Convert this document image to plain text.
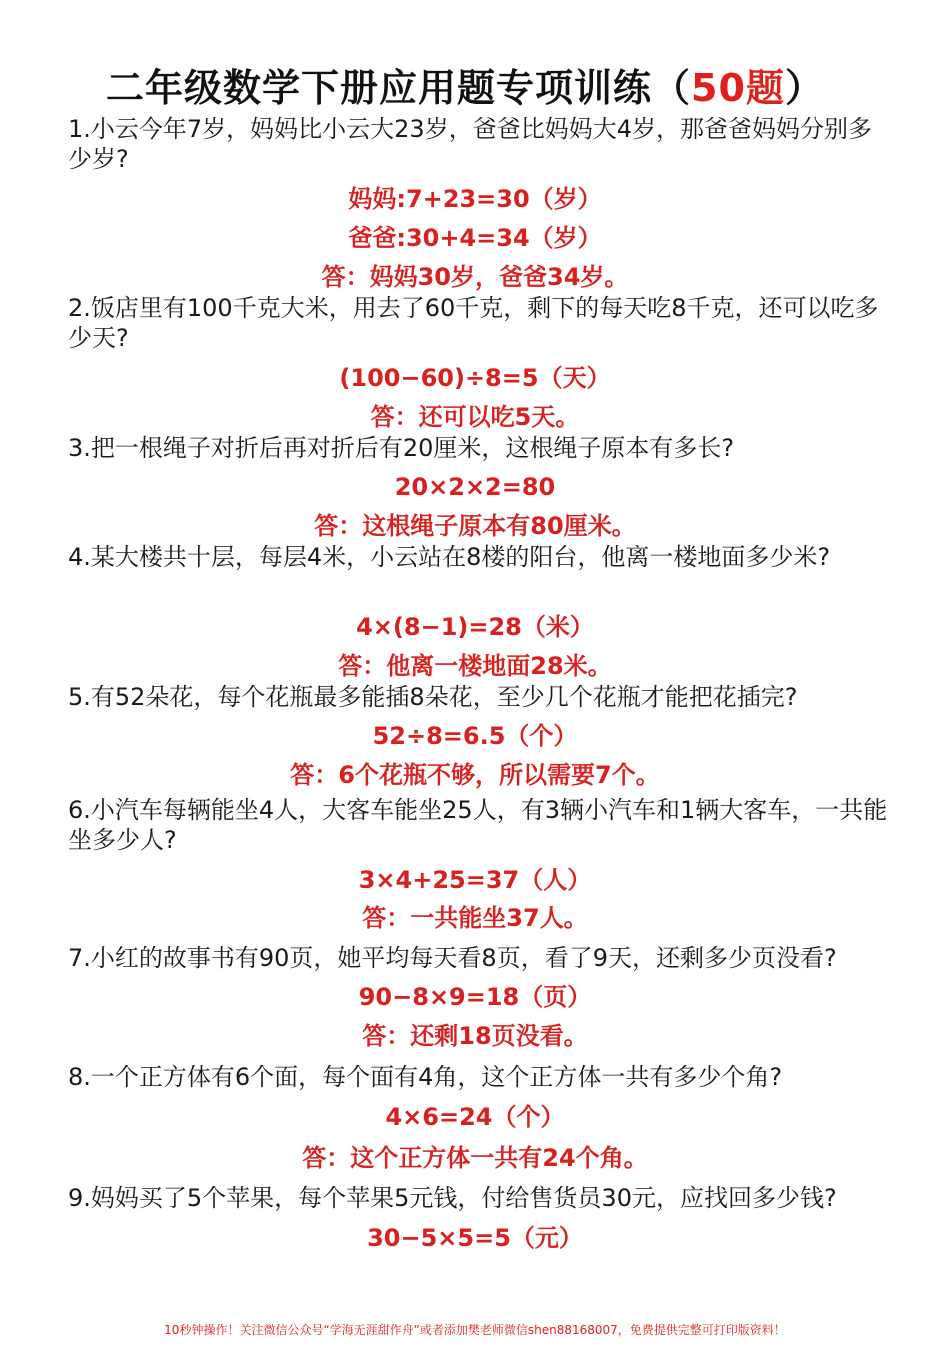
二年级数学下册应用题专项训练（50题）
1.小云今年7岁，妈妈比小云大23岁，爸爸比妈妈大4岁，那爸爸妈妈分别多少岁?
妈妈:7+23=30（岁）
爸爸:30+4=34（岁）
答：妈妈30岁，爸爸34岁。
2.饭店里有100千克大米，用去了60千克，剩下的每天吃8千克，还可以吃多少天?
(100−60)÷8=5（天）
答：还可以吃5天。
3.把一根绳子对折后再对折后有20厘米，这根绳子原本有多长?
20×2×2=80
答：这根绳子原本有80厘米。
4.某大楼共十层，每层4米，小云站在8楼的阳台，他离一楼地面多少米?
4×(8−1)=28（米）
答：他离一楼地面28米。
5.有52朵花，每个花瓶最多能插8朵花，至少几个花瓶才能把花插完?
52÷8=6.5（个）
答：6个花瓶不够，所以需要7个。
6.小汽车每辆能坐4人，大客车能坐25人，有3辆小汽车和1辆大客车，一共能坐多少人?
3×4+25=37（人）
答：一共能坐37人。
7.小红的故事书有90页，她平均每天看8页，看了9天，还剩多少页没看?
90−8×9=18（页）
答：还剩18页没看。
8.一个正方体有6个面，每个面有4角，这个正方体一共有多少个角?
4×6=24（个）
答：这个正方体一共有24个角。
9.妈妈买了5个苹果，每个苹果5元钱，付给售货员30元，应找回多少钱?
30−5×5=5（元）
10秒钟操作！关注微信公众号“学海无涯甜作舟”或者添加樊老师微信shen88168007，免费提供完整可打印版资料！
